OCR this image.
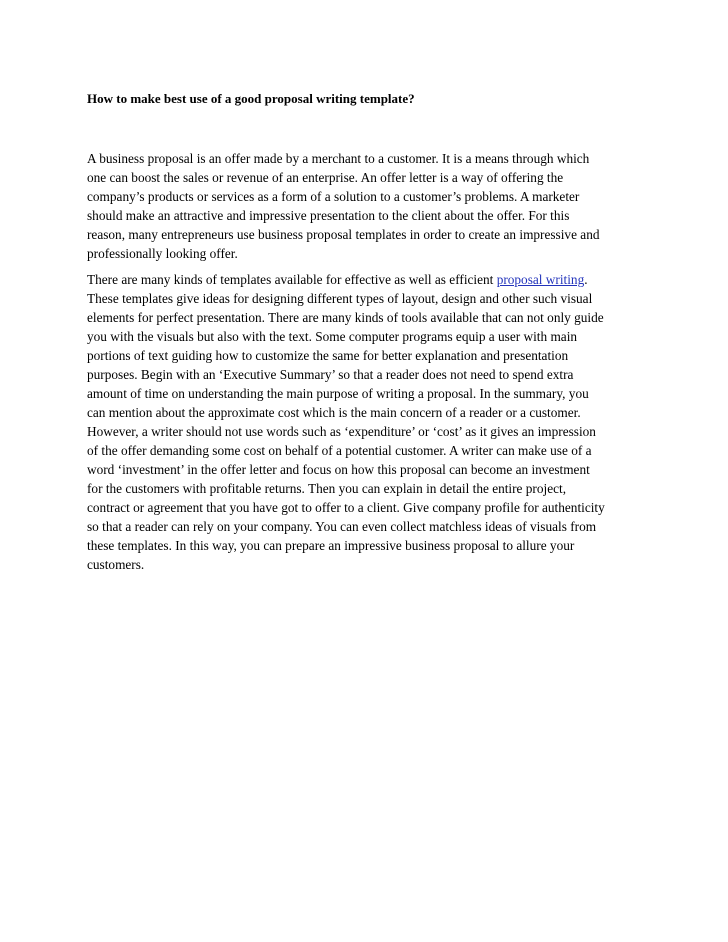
How to make best use of a good proposal writing template?

A business proposal is an offer made by a merchant to a customer. It is a means through which
one can boost the sales or revenue of an enterprise. An offer letter is a way of offering the
company’s products or services as a form of a solution to a customer’s problems. A marketer
should make an attractive and impressive presentation to the client about the offer. For this
reason, many entrepreneurs use business proposal templates in order to create an impressive and
professionally looking offer.

There are many kinds of templates available for effective as well as efficient proposal writing.
These templates give ideas for designing different types of layout, design and other such visual
elements for perfect presentation. There are many kinds of tools available that can not only guide
you with the visuals but also with the text. Some computer programs equip a user with main
portions of text guiding how to customize the same for better explanation and presentation
purposes. Begin with an ‘Executive Summary’ so that a reader does not need to spend extra
amount of time on understanding the main purpose of writing a proposal. In the summary, you
can mention about the approximate cost which is the main concern of a reader or a customer.
However, a writer should not use words such as ‘expenditure’ or ‘cost’ as it gives an impression
of the offer demanding some cost on behalf of a potential customer. A writer can make use of a
word ‘investment’ in the offer letter and focus on how this proposal can become an investment
for the customers with profitable returns. Then you can explain in detail the entire project,
contract or agreement that you have got to offer to a client. Give company profile for authenticity
so that a reader can rely on your company. You can even collect matchless ideas of visuals from
these templates. In this way, you can prepare an impressive business proposal to allure your
customers.
